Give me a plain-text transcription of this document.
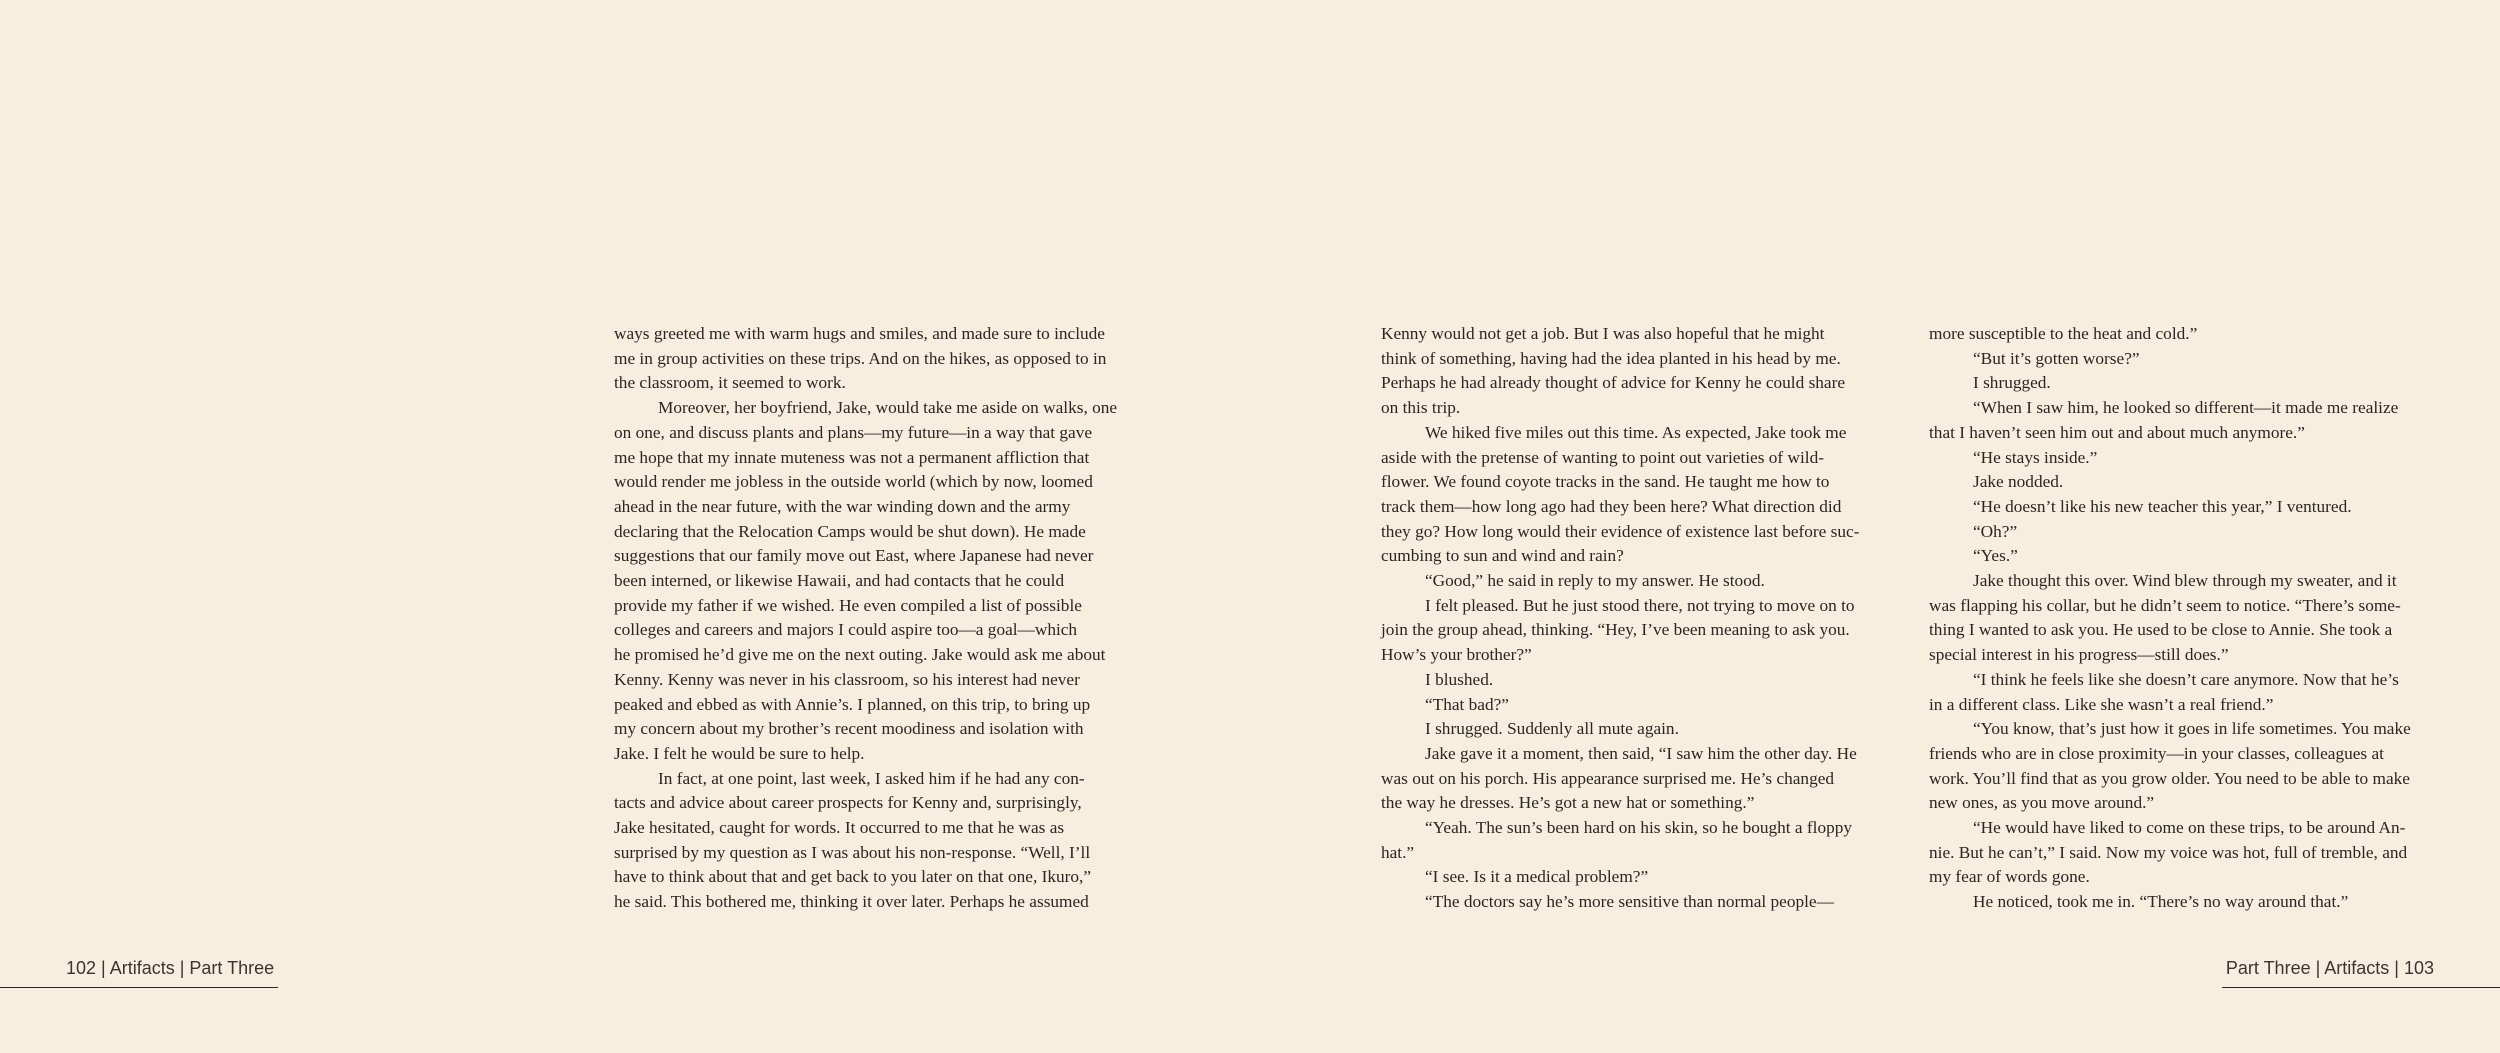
ways greeted me with warm hugs and smiles, and made sure to include

me in group activities on these trips. And on the hikes, as opposed to in

the classroom, it seemed to work.

Moreover, her boyfriend, Jake, would take me aside on walks, one

on one, and discuss plants and plans—my future—in a way that gave

me hope that my innate muteness was not a permanent affliction that

would render me jobless in the outside world (which by now, loomed

ahead in the near future, with the war winding down and the army

declaring that the Relocation Camps would be shut down). He made

suggestions that our family move out East, where Japanese had never

been interned, or likewise Hawaii, and had contacts that he could

provide my father if we wished. He even compiled a list of possible

colleges and careers and majors I could aspire too—a goal—which

he promised he’d give me on the next outing. Jake would ask me about

Kenny. Kenny was never in his classroom, so his interest had never

peaked and ebbed as with Annie’s. I planned, on this trip, to bring up

my concern about my brother’s recent moodiness and isolation with

Jake. I felt he would be sure to help.

In fact, at one point, last week, I asked him if he had any con-

tacts and advice about career prospects for Kenny and, surprisingly,

Jake hesitated, caught for words. It occurred to me that he was as

surprised by my question as I was about his non-response. “Well, I’ll

have to think about that and get back to you later on that one, Ikuro,”

he said. This bothered me, thinking it over later. Perhaps he assumed

Kenny would not get a job. But I was also hopeful that he might

think of something, having had the idea planted in his head by me.

Perhaps he had already thought of advice for Kenny he could share

on this trip.

We hiked five miles out this time. As expected, Jake took me

aside with the pretense of wanting to point out varieties of wild-

flower. We found coyote tracks in the sand. He taught me how to

track them—how long ago had they been here? What direction did

they go? How long would their evidence of existence last before suc-

cumbing to sun and wind and rain?

“Good,” he said in reply to my answer. He stood.

I felt pleased. But he just stood there, not trying to move on to

join the group ahead, thinking. “Hey, I’ve been meaning to ask you.

How’s your brother?”

I blushed.

“That bad?”

I shrugged. Suddenly all mute again.

Jake gave it a moment, then said, “I saw him the other day. He

was out on his porch. His appearance surprised me. He’s changed

the way he dresses. He’s got a new hat or something.”

“Yeah. The sun’s been hard on his skin, so he bought a floppy

hat.”

“I see. Is it a medical problem?”

“The doctors say he’s more sensitive than normal people—

more susceptible to the heat and cold.”

“But it’s gotten worse?”

I shrugged.

“When I saw him, he looked so different—it made me realize

that I haven’t seen him out and about much anymore.”

“He stays inside.”

Jake nodded.

“He doesn’t like his new teacher this year,” I ventured.

“Oh?”

“Yes.”

Jake thought this over. Wind blew through my sweater, and it

was flapping his collar, but he didn’t seem to notice. “There’s some-

thing I wanted to ask you. He used to be close to Annie. She took a

special interest in his progress—still does.”

“I think he feels like she doesn’t care anymore. Now that he’s

in a different class. Like she wasn’t a real friend.”

“You know, that’s just how it goes in life sometimes. You make

friends who are in close proximity—in your classes, colleagues at

work. You’ll find that as you grow older. You need to be able to make

new ones, as you move around.”

“He would have liked to come on these trips, to be around An-

nie. But he can’t,” I said. Now my voice was hot, full of tremble, and

my fear of words gone.

He noticed, took me in. “There’s no way around that.”

102 | Artifacts | Part Three	Part Three | Artifacts | 103
